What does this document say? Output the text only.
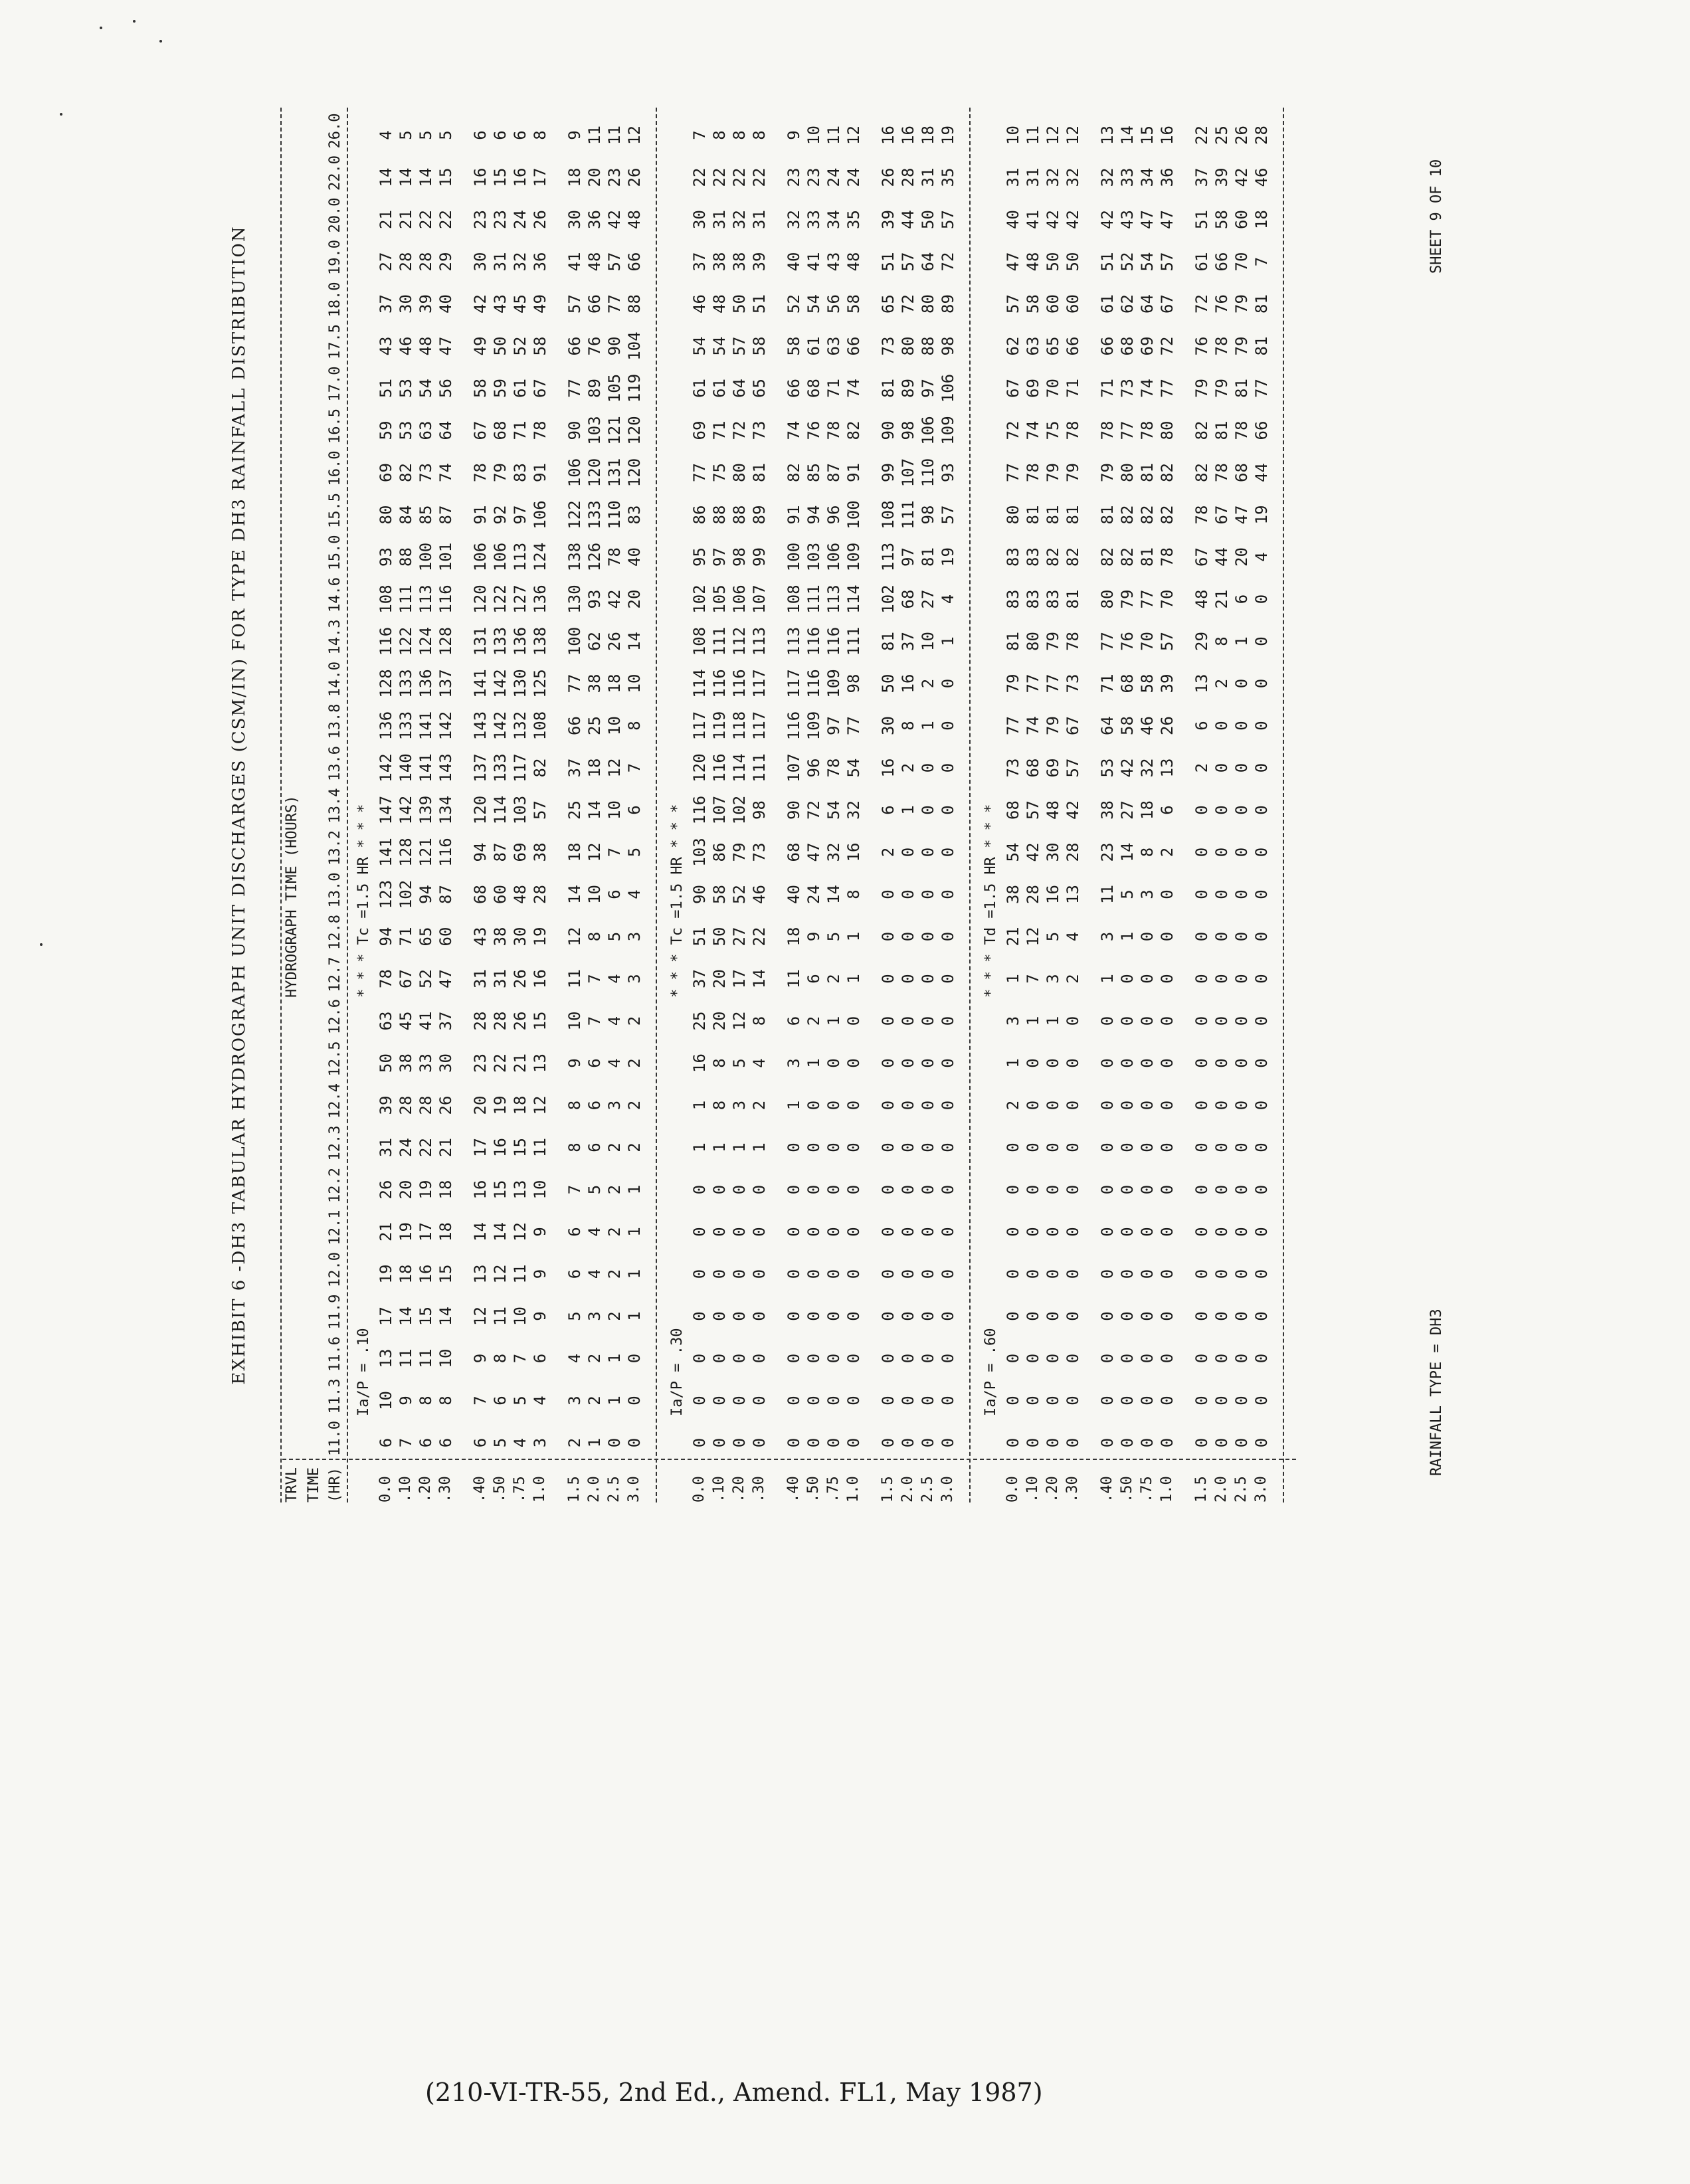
EXHIBIT 6 -DH3 TABULAR HYDROGRAPH UNIT DISCHARGES (CSM/IN) FOR TYPE DH3 RAINFALL DISTRIBUTION
TRVL
HYDROGRAPH TIME (HOURS)
TIME (HR)
11.0
11.3
11.6
11.9
12.0
12.1
12.2
12.3
12.4
12.5
12.6
12.7
12.8
13.0
13.2
13.4
13.6
13.8
14.0
14.3
14.6
15.0
15.5
16.0
16.5
17.0
17.5
18.0
19.0
20.0
22.0
26.0
* * * Tc =1.5 HR * * *
Ia/P = .10
0.0
6
10
13
17
19
21
26
31
39
50
63
78
94
123
141
147
142
136
128
116
108
93
80
69
59
51
43
37
27
21
14
4
.10
7
9
11
14
18
19
20
24
28
38
45
67
71
102
128
142
140
133
133
122
111
88
84
82
53
53
46
30
28
21
14
5
.20
6
8
11
15
16
17
19
22
28
33
41
52
65
94
121
139
141
141
136
124
113
100
85
73
63
54
48
39
28
22
14
5
.30
6
8
10
14
15
18
18
21
26
30
37
47
60
87
116
134
143
142
137
128
116
101
87
74
64
56
47
40
29
22
15
5
.40
6
7
9
12
13
14
16
17
20
23
28
31
43
68
94
120
137
143
141
131
120
106
91
78
67
58
49
42
30
23
16
6
.50
5
6
8
11
12
14
15
16
19
22
28
31
38
60
87
114
133
142
142
133
122
106
92
79
68
59
50
43
31
23
15
6
.75
4
5
7
10
11
12
13
15
18
21
26
26
30
48
69
103
117
132
130
136
127
113
97
83
71
61
52
45
32
24
16
6
1.0
3
4
6
9
9
9
10
11
12
13
15
16
19
28
38
57
82
108
125
138
136
124
106
91
78
67
58
49
36
26
17
8
1.5
2
3
4
5
6
6
7
8
8
9
10
11
12
14
18
25
37
66
77
100
130
138
122
106
90
77
66
57
41
30
18
9
2.0
1
2
2
3
4
4
5
6
6
6
7
7
8
10
12
14
18
25
38
62
93
126
133
120
103
89
76
66
48
36
20
11
2.5
0
1
1
2
2
2
2
2
3
4
4
4
5
6
7
10
12
10
18
26
42
78
110
131
121
105
90
77
57
42
23
11
3.0
0
0
0
1
1
1
1
2
2
2
2
3
3
4
5
6
7
8
10
14
20
40
83
120
120
119
104
88
66
48
26
12
* * * Tc =1.5 HR * * *
Ia/P = .30
0.0
0
0
0
0
0
0
0
1
1
16
25
37
51
90
103
116
120
117
114
108
102
95
86
77
69
61
54
46
37
30
22
7
.10
0
0
0
0
0
0
0
1
8
8
20
20
50
58
86
107
116
119
116
111
105
97
88
75
71
61
54
48
38
31
22
8
.20
0
0
0
0
0
0
0
1
3
5
12
17
27
52
79
102
114
118
116
112
106
98
88
80
72
64
57
50
38
32
22
8
.30
0
0
0
0
0
0
0
1
2
4
8
14
22
46
73
98
111
117
117
113
107
99
89
81
73
65
58
51
39
31
22
8
.40
0
0
0
0
0
0
0
0
1
3
6
11
18
40
68
90
107
116
117
113
108
100
91
82
74
66
58
52
40
32
23
9
.50
0
0
0
0
0
0
0
0
0
1
2
6
9
24
47
72
96
109
116
116
111
103
94
85
76
68
61
54
41
33
23
10
.75
0
0
0
0
0
0
0
0
0
0
1
2
5
14
32
54
78
97
109
116
113
106
96
87
78
71
63
56
43
34
24
11
1.0
0
0
0
0
0
0
0
0
0
0
0
1
1
8
16
32
54
77
98
111
114
109
100
91
82
74
66
58
48
35
24
12
1.5
0
0
0
0
0
0
0
0
0
0
0
0
0
0
2
6
16
30
50
81
102
113
108
99
90
81
73
65
51
39
26
16
2.0
0
0
0
0
0
0
0
0
0
0
0
0
0
0
0
1
2
8
16
37
68
97
111
107
98
89
80
72
57
44
28
16
2.5
0
0
0
0
0
0
0
0
0
0
0
0
0
0
0
0
0
1
2
10
27
81
98
110
106
97
88
80
64
50
31
18
3.0
0
0
0
0
0
0
0
0
0
0
0
0
0
0
0
0
0
0
0
1
4
19
57
93
109
106
98
89
72
57
35
19
* * * Td =1.5 HR * * *
Ia/P = .60
0.0
0
0
0
0
0
0
0
0
2
1
3
1
21
38
54
68
73
77
79
81
83
83
80
77
72
67
62
57
47
40
31
10
.10
0
0
0
0
0
0
0
0
0
0
1
7
12
28
42
57
68
74
77
80
83
83
81
78
74
69
63
58
48
41
31
11
.20
0
0
0
0
0
0
0
0
0
0
1
3
5
16
30
48
69
79
77
79
83
82
81
79
75
70
65
60
50
42
32
12
.30
0
0
0
0
0
0
0
0
0
0
0
2
4
13
28
42
57
67
73
78
81
82
81
79
78
71
66
60
50
42
32
12
.40
0
0
0
0
0
0
0
0
0
0
0
1
3
11
23
38
53
64
71
77
80
82
81
79
78
71
66
61
51
42
32
13
.50
0
0
0
0
0
0
0
0
0
0
0
0
1
5
14
27
42
58
68
76
79
82
82
80
77
73
68
62
52
43
33
14
.75
0
0
0
0
0
0
0
0
0
0
0
0
0
3
8
18
32
46
58
70
77
81
82
81
78
74
69
64
54
47
34
15
1.0
0
0
0
0
0
0
0
0
0
0
0
0
0
0
2
6
13
26
39
57
70
78
82
82
80
77
72
67
57
47
36
16
1.5
0
0
0
0
0
0
0
0
0
0
0
0
0
0
0
0
2
6
13
29
48
67
78
82
82
79
76
72
61
51
37
22
2.0
0
0
0
0
0
0
0
0
0
0
0
0
0
0
0
0
0
0
2
8
21
44
67
78
81
79
78
76
66
58
39
25
2.5
0
0
0
0
0
0
0
0
0
0
0
0
0
0
0
0
0
0
0
1
6
20
47
68
78
81
79
79
70
60
42
26
3.0
0
0
0
0
0
0
0
0
0
0
0
0
0
0
0
0
0
0
0
0
0
4
19
44
66
77
81
81
7
18
46
28
RAINFALL TYPE = DH3
SHEET 9 OF 10
(210-VI-TR-55, 2nd Ed., Amend. FL1, May 1987)
